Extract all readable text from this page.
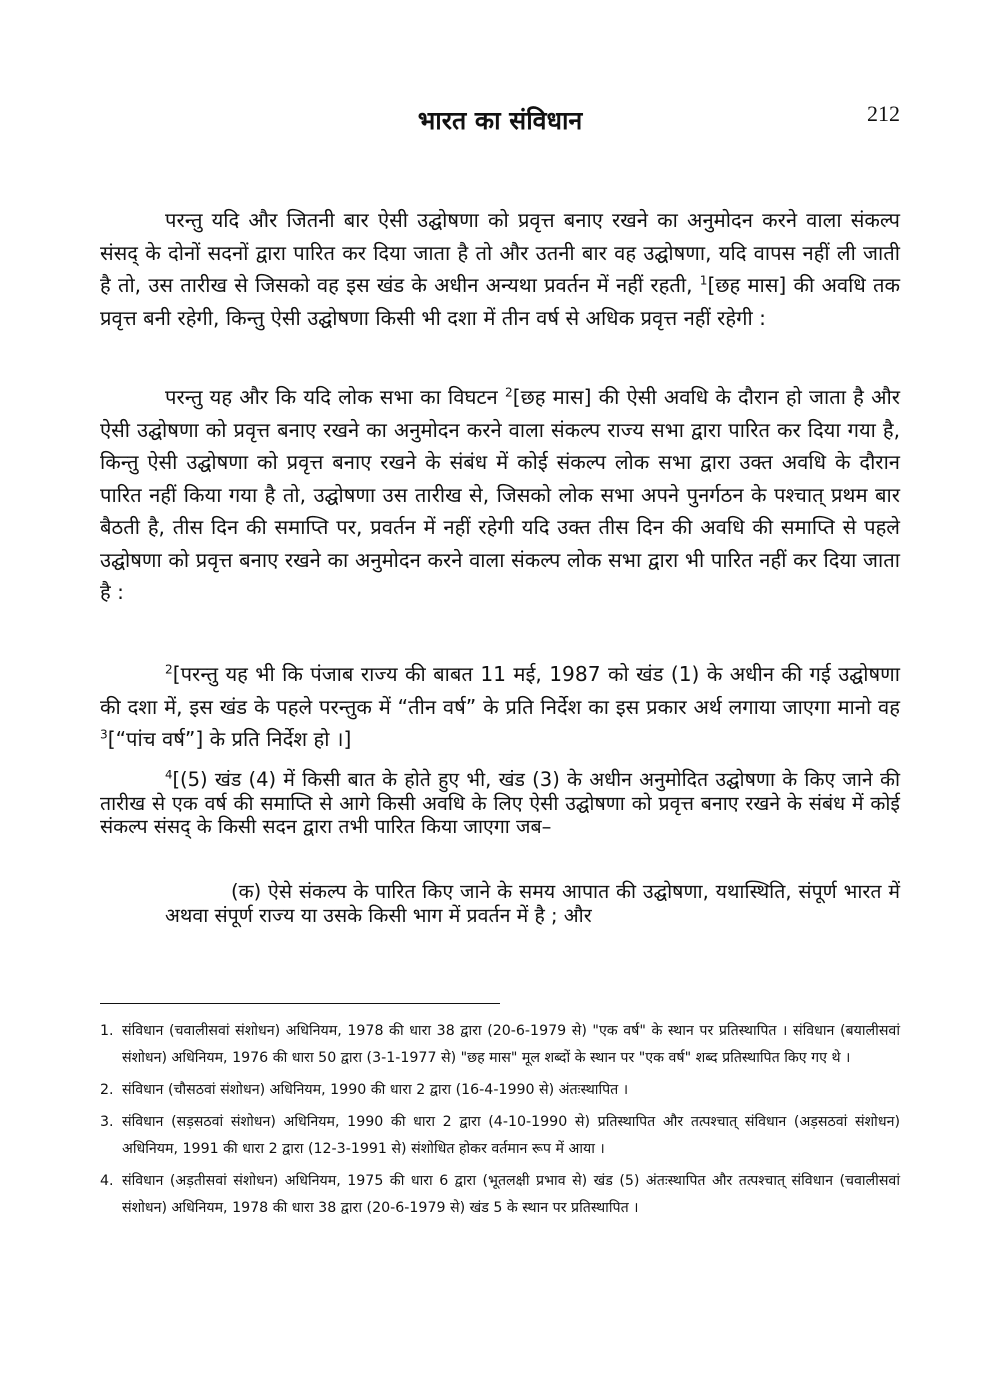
भारत का संविधान	212

परन्तु यदि और जितनी बार ऐसी उद्घोषणा को प्रवृत्त बनाए रखने का अनुमोदन करने वाला संकल्प संसद् के दोनों सदनों द्वारा पारित कर दिया जाता है तो और उतनी बार वह उद्घोषणा, यदि वापस नहीं ली जाती है तो, उस तारीख से जिसको वह इस खंड के अधीन अन्यथा प्रवर्तन में नहीं रहती, $^1$[छह मास] की अवधि तक प्रवृत्त बनी रहेगी, किन्तु ऐसी उद्घोषणा किसी भी दशा में तीन वर्ष से अधिक प्रवृत्त नहीं रहेगी :

परन्तु यह और कि यदि लोक सभा का विघटन $^2$[छह मास] की ऐसी अवधि के दौरान हो जाता है और ऐसी उद्घोषणा को प्रवृत्त बनाए रखने का अनुमोदन करने वाला संकल्प राज्य सभा द्वारा पारित कर दिया गया है, किन्तु ऐसी उद्घोषणा को प्रवृत्त बनाए रखने के संबंध में कोई संकल्प लोक सभा द्वारा उक्त अवधि के दौरान पारित नहीं किया गया है तो, उद्घोषणा उस तारीख से, जिसको लोक सभा अपने पुनर्गठन के पश्चात् प्रथम बार बैठती है, तीस दिन की समाप्ति पर, प्रवर्तन में नहीं रहेगी यदि उक्त तीस दिन की अवधि की समाप्ति से पहले उद्घोषणा को प्रवृत्त बनाए रखने का अनुमोदन करने वाला संकल्प लोक सभा द्वारा भी पारित नहीं कर दिया जाता है :

$^2$[परन्तु यह भी कि पंजाब राज्य की बाबत 11 मई, 1987 को खंड (1) के अधीन की गई उद्घोषणा की दशा में, इस खंड के पहले परन्तुक में “तीन वर्ष” के प्रति निर्देश का इस प्रकार अर्थ लगाया जाएगा मानो वह $^3$[“पांच वर्ष”] के प्रति निर्देश हो ।]

$^4$[(5) खंड (4) में किसी बात के होते हुए भी, खंड (3) के अधीन अनुमोदित उद्घोषणा के किए जाने की तारीख से एक वर्ष की समाप्ति से आगे किसी अवधि के लिए ऐसी उद्घोषणा को प्रवृत्त बनाए रखने के संबंध में कोई संकल्प संसद् के किसी सदन द्वारा तभी पारित किया जाएगा जब–

(क) ऐसे संकल्प के पारित किए जाने के समय आपात की उद्घोषणा, यथास्थिति, संपूर्ण भारत में अथवा संपूर्ण राज्य या उसके किसी भाग में प्रवर्तन में है ; और

1. संविधान (चवालीसवां संशोधन) अधिनियम, 1978 की धारा 38 द्वारा (20-6-1979 से) "एक वर्ष" के स्थान पर प्रतिस्थापित । संविधान (बयालीसवां संशोधन) अधिनियम, 1976 की धारा 50 द्वारा (3-1-1977 से) "छह मास" मूल शब्दों के स्थान पर "एक वर्ष" शब्द प्रतिस्थापित किए गए थे ।
2. संविधान (चौसठवां संशोधन) अधिनियम, 1990 की धारा 2 द्वारा (16-4-1990 से) अंतःस्थापित ।
3. संविधान (सड़सठवां संशोधन) अधिनियम, 1990 की धारा 2 द्वारा (4-10-1990 से) प्रतिस्थापित और तत्पश्चात् संविधान (अड़सठवां संशोधन) अधिनियम, 1991 की धारा 2 द्वारा (12-3-1991 से) संशोधित होकर वर्तमान रूप में आया ।
4. संविधान (अड़तीसवां संशोधन) अधिनियम, 1975 की धारा 6 द्वारा (भूतलक्षी प्रभाव से) खंड (5) अंतःस्थापित और तत्पश्चात् संविधान (चवालीसवां संशोधन) अधिनियम, 1978 की धारा 38 द्वारा (20-6-1979 से) खंड 5 के स्थान पर प्रतिस्थापित ।
